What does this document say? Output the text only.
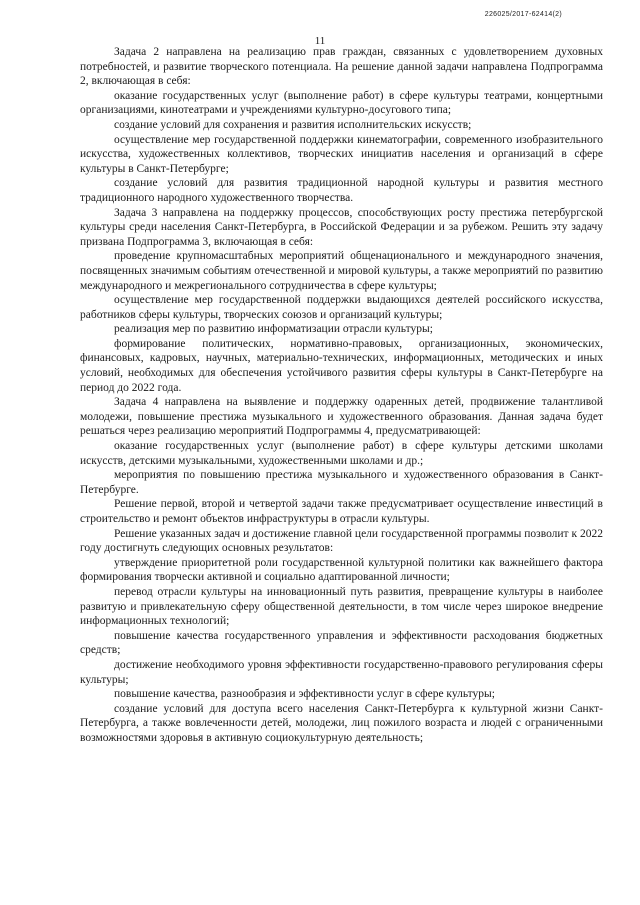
226025/2017-62414(2)
11

Задача 2 направлена на реализацию прав граждан, связанных с удовлетворением духовных потребностей, и развитие творческого потенциала. На решение данной задачи направлена Подпрограмма 2, включающая в себя:

оказание государственных услуг (выполнение работ) в сфере культуры театрами, концертными организациями, кинотеатрами и учреждениями культурно-досугового типа;

создание условий для сохранения и развития исполнительских искусств;

осуществление мер государственной поддержки кинематографии, современного изобразительного искусства, художественных коллективов, творческих инициатив населения и организаций в сфере культуры в Санкт-Петербурге;

создание условий для развития традиционной народной культуры и развития местного традиционного народного художественного творчества.

Задача 3 направлена на поддержку процессов, способствующих росту престижа петербургской культуры среди населения Санкт-Петербурга, в Российской Федерации и за рубежом. Решить эту задачу призвана Подпрограмма 3, включающая в себя:

проведение крупномасштабных мероприятий общенационального и международного значения, посвященных значимым событиям отечественной и мировой культуры, а также мероприятий по развитию международного и межрегионального сотрудничества в сфере культуры;

осуществление мер государственной поддержки выдающихся деятелей российского искусства, работников сферы культуры, творческих союзов и организаций культуры;

реализация мер по развитию информатизации отрасли культуры;

формирование политических, нормативно-правовых, организационных, экономических, финансовых, кадровых, научных, материально-технических, информационных, методических и иных условий, необходимых для обеспечения устойчивого развития сферы культуры в Санкт-Петербурге на период до 2022 года.

Задача 4 направлена на выявление и поддержку одаренных детей, продвижение талантливой молодежи, повышение престижа музыкального и художественного образования. Данная задача будет решаться через реализацию мероприятий Подпрограммы 4, предусматривающей:

оказание государственных услуг (выполнение работ) в сфере культуры детскими школами искусств, детскими музыкальными, художественными школами и др.;

мероприятия по повышению престижа музыкального и художественного образования в Санкт-Петербурге.

Решение первой, второй и четвертой задачи также предусматривает осуществление инвестиций в строительство и ремонт объектов инфраструктуры в отрасли культуры.

Решение указанных задач и достижение главной цели государственной программы позволит к 2022 году достигнуть следующих основных результатов:

утверждение приоритетной роли государственной культурной политики как важнейшего фактора формирования творчески активной и социально адаптированной личности;

перевод отрасли культуры на инновационный путь развития, превращение культуры в наиболее развитую и привлекательную сферу общественной деятельности, в том числе через широкое внедрение информационных технологий;

повышение качества государственного управления и эффективности расходования бюджетных средств;

достижение необходимого уровня эффективности государственно-правового регулирования сферы культуры;

повышение качества, разнообразия и эффективности услуг в сфере культуры;

создание условий для доступа всего населения Санкт-Петербурга к культурной жизни Санкт-Петербурга, а также вовлеченности детей, молодежи, лиц пожилого возраста и людей с ограниченными возможностями здоровья в активную социокультурную деятельность;
